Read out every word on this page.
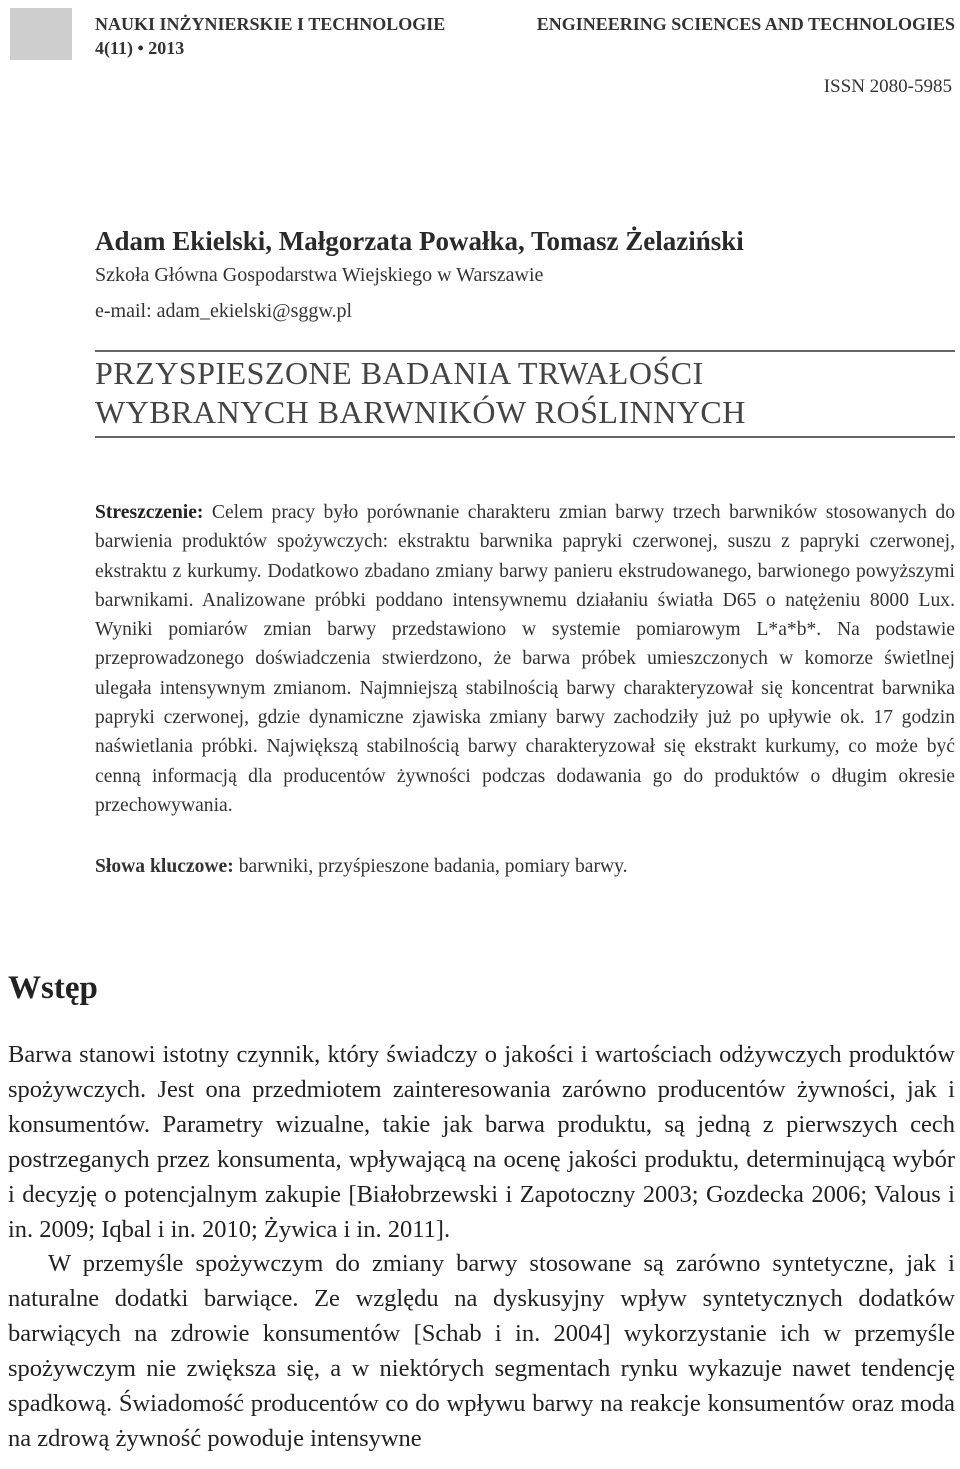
NAUKI INŻYNIERSKIE I TECHNOLOGIE	ENGINEERING SCIENCES AND TECHNOLOGIES
4(11) • 2013
ISSN 2080-5985
Adam Ekielski, Małgorzata Powałka, Tomasz Żelaziński
Szkoła Główna Gospodarstwa Wiejskiego w Warszawie
e-mail: adam_ekielski@sggw.pl
PRZYSPIESZONE BADANIA TRWAŁOŚCI
WYBRANYCH BARWNIKÓW ROŚLINNYCH
Streszczenie: Celem pracy było porównanie charakteru zmian barwy trzech barwników stosowanych do barwienia produktów spożywczych: ekstraktu barwnika papryki czerwonej, suszu z papryki czerwonej, ekstraktu z kurkumy. Dodatkowo zbadano zmiany barwy panieru ekstrudowanego, barwionego powyższymi barwnikami. Analizowane próbki poddano intensywnemu działaniu światła D65 o natężeniu 8000 Lux. Wyniki pomiarów zmian barwy przedstawiono w systemie pomiarowym L*a*b*. Na podstawie przeprowadzonego doświadczenia stwierdzono, że barwa próbek umieszczonych w komorze świetlnej ulegała intensywnym zmianom. Najmniejszą stabilnością barwy charakteryzował się koncentrat barwnika papryki czerwonej, gdzie dynamiczne zjawiska zmiany barwy zachodziły już po upływie ok. 17 godzin naświetlania próbki. Największą stabilnością barwy charakteryzował się ekstrakt kurkumy, co może być cenną informacją dla producentów żywności podczas dodawania go do produktów o długim okresie przechowywania.
Słowa kluczowe: barwniki, przyśpieszone badania, pomiary barwy.
Wstęp

Barwa stanowi istotny czynnik, który świadczy o jakości i wartościach odżywczych produktów spożywczych. Jest ona przedmiotem zainteresowania zarówno producentów żywności, jak i konsumentów. Parametry wizualne, takie jak barwa produktu, są jedną z pierwszych cech postrzeganych przez konsumenta, wpływającą na ocenę jakości produktu, determinującą wybór i decyzję o potencjalnym zakupie [Białobrzewski i Zapotoczny 2003; Gozdecka 2006; Valous i in. 2009; Iqbal i in. 2010; Żywica i in. 2011].

W przemyśle spożywczym do zmiany barwy stosowane są zarówno syntetyczne, jak i naturalne dodatki barwiące. Ze względu na dyskusyjny wpływ syntetycznych dodatków barwiących na zdrowie konsumentów [Schab i in. 2004] wykorzystanie ich w przemyśle spożywczym nie zwiększa się, a w niektórych segmentach rynku wykazuje nawet tendencję spadkową. Świadomość producentów co do wpływu barwy na reakcje konsumentów oraz moda na zdrową żywność powoduje intensywne
